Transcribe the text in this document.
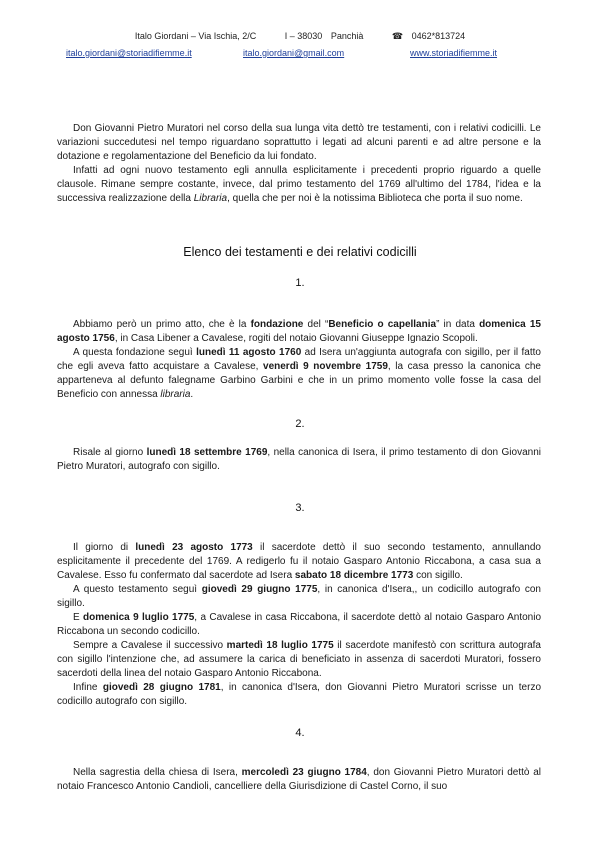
Italo Giordani – Via Ischia, 2/C	I – 38030 Panchià	☎ 0462*813724
italo.giordani@storiadifiemme.it	italo.giordani@gmail.com	www.storiadifiemme.it

Don Giovanni Pietro Muratori nel corso della sua lunga vita dettò tre testamenti, con i relativi codicilli. Le variazioni succedutesi nel tempo riguardano soprattutto i legati ad alcuni parenti e ad altre persone e la dotazione e regolamentazione del Beneficio da lui fondato.

Infatti ad ogni nuovo testamento egli annulla esplicitamente i precedenti proprio riguardo a quelle clausole. Rimane sempre costante, invece, dal primo testamento del 1769 all'ultimo del 1784, l'idea e la successiva realizzazione della Libraria, quella che per noi è la notissima Biblioteca che porta il suo nome.

Elenco dei testamenti e dei relativi codicilli
1.

Abbiamo però un primo atto, che è la fondazione del “Beneficio o capellania” in data domenica 15 agosto 1756, in Casa Libener a Cavalese, rogiti del notaio Giovanni Giuseppe Ignazio Scopoli.

A questa fondazione seguì lunedì 11 agosto 1760 ad Isera un'aggiunta autografa con sigillo, per il fatto che egli aveva fatto acquistare a Cavalese, venerdì 9 novembre 1759, la casa presso la canonica che apparteneva al defunto falegname Garbino Garbini e che in un primo momento volle fosse la casa del Beneficio con annessa libraria.

2.

Risale al giorno lunedì 18 settembre 1769, nella canonica di Isera, il primo testamento di don Giovanni Pietro Muratori, autografo con sigillo.

3.

Il giorno di lunedì 23 agosto 1773 il sacerdote dettò il suo secondo testamento, annullando esplicitamente il precedente del 1769. A redigerlo fu il notaio Gasparo Antonio Riccabona, a casa sua a Cavalese. Esso fu confermato dal sacerdote ad Isera sabato 18 dicembre 1773 con sigillo.

A questo testamento seguì giovedì 29 giugno 1775, in canonica d'Isera,, un codicillo autografo con sigillo.

E domenica 9 luglio 1775, a Cavalese in casa Riccabona, il sacerdote dettò al notaio Gasparo Antonio Riccabona un secondo codicillo.

Sempre a Cavalese il successivo martedì 18 luglio 1775 il sacerdote manifestò con scrittura autografa con sigillo l'intenzione che, ad assumere la carica di beneficiato in assenza di sacerdoti Muratori, fossero sacerdoti della linea del notaio Gasparo Antonio Riccabona.

Infine giovedì 28 giugno 1781, in canonica d'Isera, don Giovanni Pietro Muratori scrisse un terzo codicillo autografo con sigillo.

4.

Nella sagrestia della chiesa di Isera, mercoledì 23 giugno 1784, don Giovanni Pietro Muratori dettò al notaio Francesco Antonio Candioli, cancelliere della Giurisdizione di Castel Corno, il suo
